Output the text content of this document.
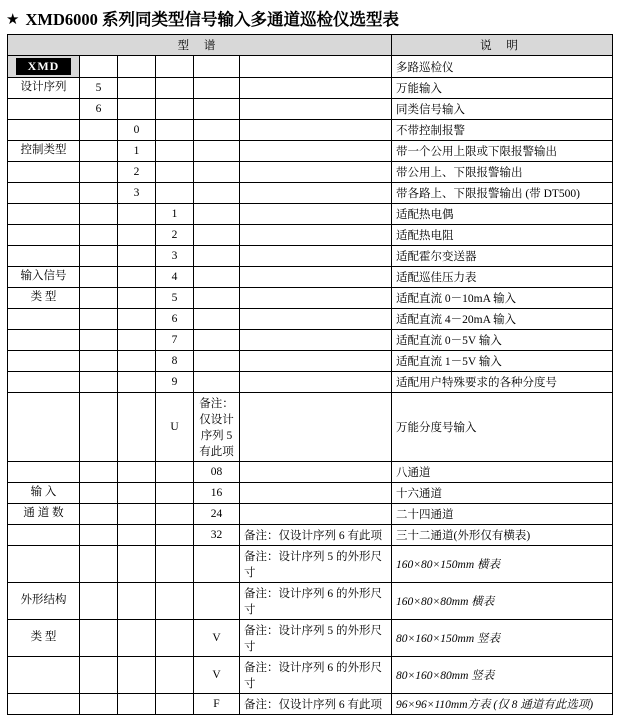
★ XMD6000 系列同类型信号输入多通道巡检仪选型表
型 谱						说 明
XMD						多路巡检仪
设计序列	5					万能输入
	6					同类信号输入
		0				不带控制报警
控制类型		1				带一个公用上限或下限报警输出
		2				带公用上、下限报警输出
		3				带各路上、下限报警输出 (带 DT500)
			1			适配热电偶
			2			适配热电阻
			3			适配霍尔变送器
输入信号			4			适配巡佳压力表
类 型			5			适配直流 0－10mA 输入
			6			适配直流 4－20mA 输入
			7			适配直流 0－5V 输入
			8			适配直流 1－5V 输入
			9			适配用户特殊要求的各种分度号
			U	备注：仅设计序列 5 有此项		万能分度号输入
				08		八通道
输 入				16		十六通道
通 道 数				24		二十四通道
				32	备注：仅设计序列 6 有此项	三十二通道(外形仅有横表)
					备注：设计序列 5 的外形尺寸	160×80×150mm 横表
外形结构					备注：设计序列 6 的外形尺寸	160×80×80mm 横表
类 型				V	备注：设计序列 5 的外形尺寸	80×160×150mm 竖表
				V	备注：设计序列 6 的外形尺寸	80×160×80mm 竖表
				F	备注：仅设计序列 6 有此项	96×96×110mm方表 (仅 8 通道有此选项)
